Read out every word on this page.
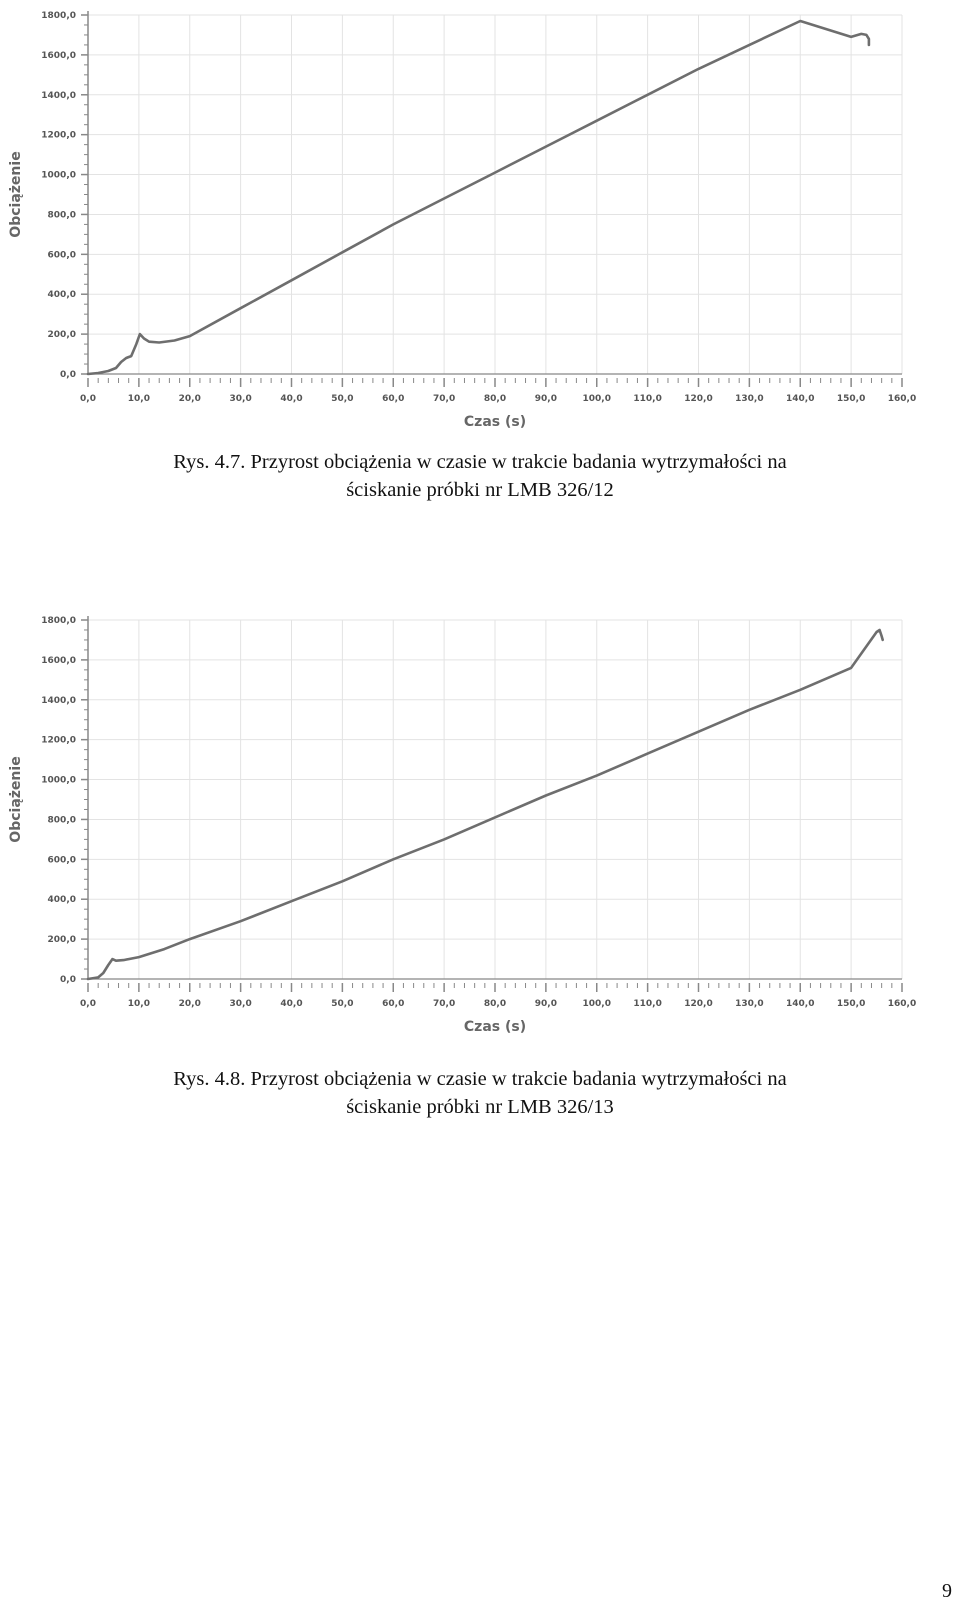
0,0
200,0
400,0
600,0
800,0
1000,0
1200,0
1400,0
1600,0
1800,0
0,0	10,0	20,0	30,0	40,0	50,0	60,0	70,0	80,0	90,0	100,0 110,0 120,0 130,0 140,0 150,0 160,0
Czas (s)
Obciążenie
Rys. 4.7. Przyrost obciążenia w czasie w trakcie badania wytrzymałości na
ściskanie próbki nr LMB 326/12
0,0
200,0
400,0
600,0
800,0
1000,0
1200,0
1400,0
1600,0
1800,0
0,0	10,0	20,0	30,0	40,0	50,0	60,0	70,0	80,0	90,0	100,0 110,0 120,0 130,0 140,0 150,0 160,0
Czas (s)
Obciążenie
Rys. 4.8. Przyrost obciążenia w czasie w trakcie badania wytrzymałości na
ściskanie próbki nr LMB 326/13
9
